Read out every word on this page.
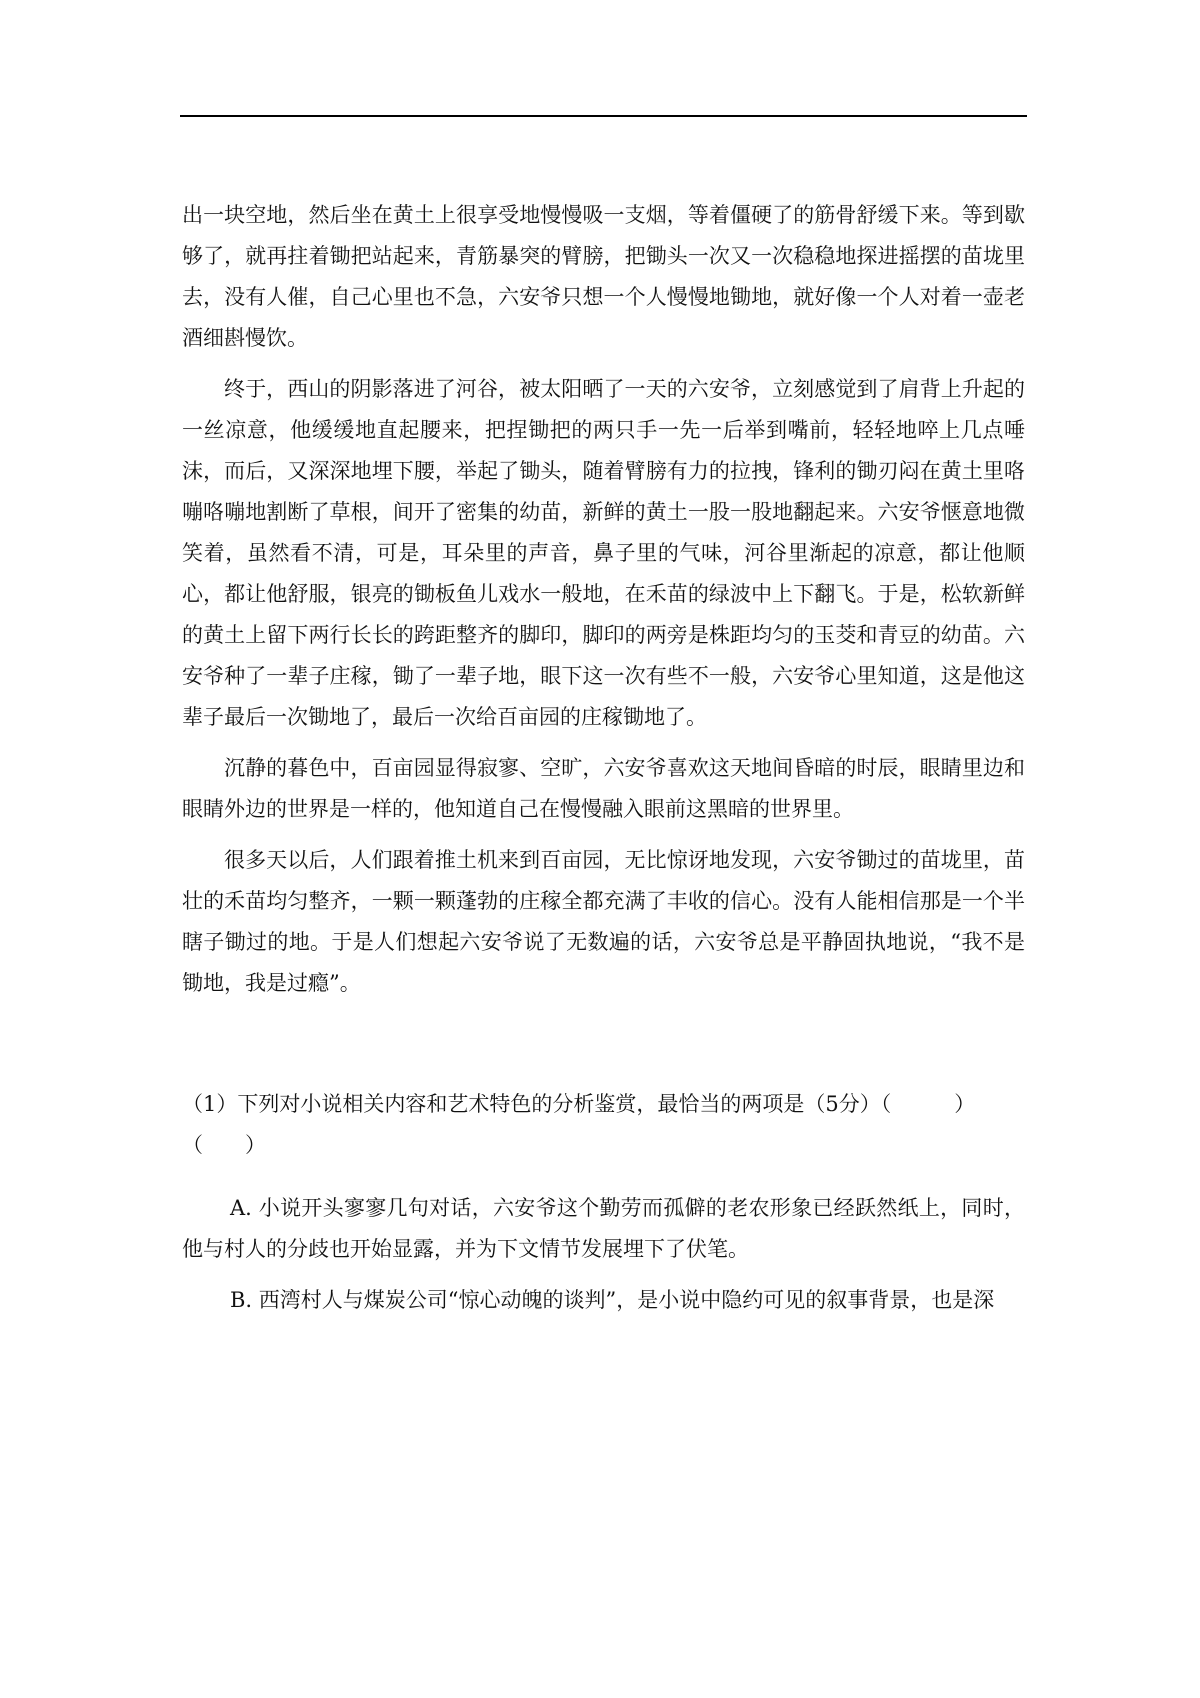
出一块空地，然后坐在黄土上很享受地慢慢吸一支烟，等着僵硬了的筋骨舒缓下来。等到歇够了，就再拄着锄把站起来，青筋暴突的臂膀，把锄头一次又一次稳稳地探进摇摆的苗垅里去，没有人催，自己心里也不急，六安爷只想一个人慢慢地锄地，就好像一个人对着一壶老酒细斟慢饮。

终于，西山的阴影落进了河谷，被太阳晒了一天的六安爷，立刻感觉到了肩背上升起的一丝凉意，他缓缓地直起腰来，把捏锄把的两只手一先一后举到嘴前，轻轻地啐上几点唾沫，而后，又深深地埋下腰，举起了锄头，随着臂膀有力的拉拽，锋利的锄刃闷在黄土里咯嘣咯嘣地割断了草根，间开了密集的幼苗，新鲜的黄土一股一股地翻起来。六安爷惬意地微笑着，虽然看不清，可是，耳朵里的声音，鼻子里的气味，河谷里渐起的凉意，都让他顺心，都让他舒服，银亮的锄板鱼儿戏水一般地，在禾苗的绿波中上下翻飞。于是，松软新鲜的黄土上留下两行长长的跨距整齐的脚印，脚印的两旁是株距均匀的玉茭和青豆的幼苗。六安爷种了一辈子庄稼，锄了一辈子地，眼下这一次有些不一般，六安爷心里知道，这是他这辈子最后一次锄地了，最后一次给百亩园的庄稼锄地了。

沉静的暮色中，百亩园显得寂寥、空旷，六安爷喜欢这天地间昏暗的时辰，眼睛里边和眼睛外边的世界是一样的，他知道自己在慢慢融入眼前这黑暗的世界里。

很多天以后，人们跟着推土机来到百亩园，无比惊讶地发现，六安爷锄过的苗垅里，苗壮的禾苗均匀整齐，一颗一颗蓬勃的庄稼全都充满了丰收的信心。没有人能相信那是一个半瞎子锄过的地。于是人们想起六安爷说了无数遍的话，六安爷总是平静固执地说，“我不是锄地，我是过瘾”。

（1）下列对小说相关内容和艺术特色的分析鉴赏，最恰当的两项是（5分）（　　　）

（　　）

A. 小说开头寥寥几句对话，六安爷这个勤劳而孤僻的老农形象已经跃然纸上，同时，他与村人的分歧也开始显露，并为下文情节发展埋下了伏笔。

B. 西湾村人与煤炭公司“惊心动魄的谈判”，是小说中隐约可见的叙事背景，也是深
